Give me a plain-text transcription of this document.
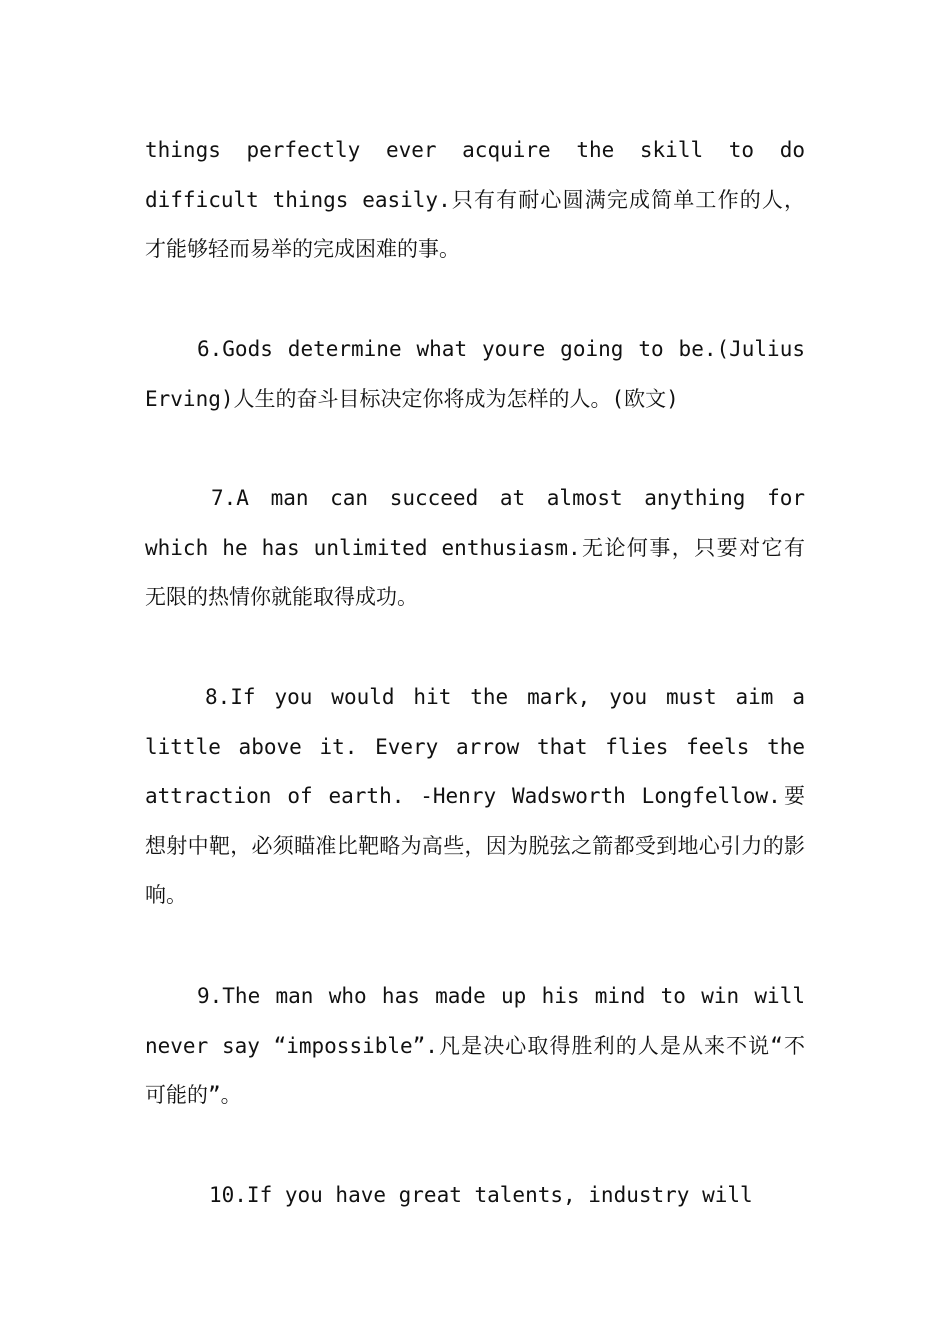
things perfectly ever acquire the skill to do difficult things easily.只有有耐心圆满完成简单工作的人，才能够轻而易举的完成困难的事。

6.Gods determine what youre going to be.(Julius Erving)人生的奋斗目标决定你将成为怎样的人。(欧文)

7.A man can succeed at almost anything for which he has unlimited enthusiasm.无论何事，只要对它有无限的热情你就能取得成功。

8.If you would hit the mark, you must aim a little above it. Every arrow that flies feels the attraction of earth. -Henry Wadsworth Longfellow.要想射中靶，必须瞄准比靶略为高些，因为脱弦之箭都受到地心引力的影响。

9.The man who has made up his mind to win will never say “impossible”.凡是决心取得胜利的人是从来不说“不可能的”。

10.If you have great talents, industry will
